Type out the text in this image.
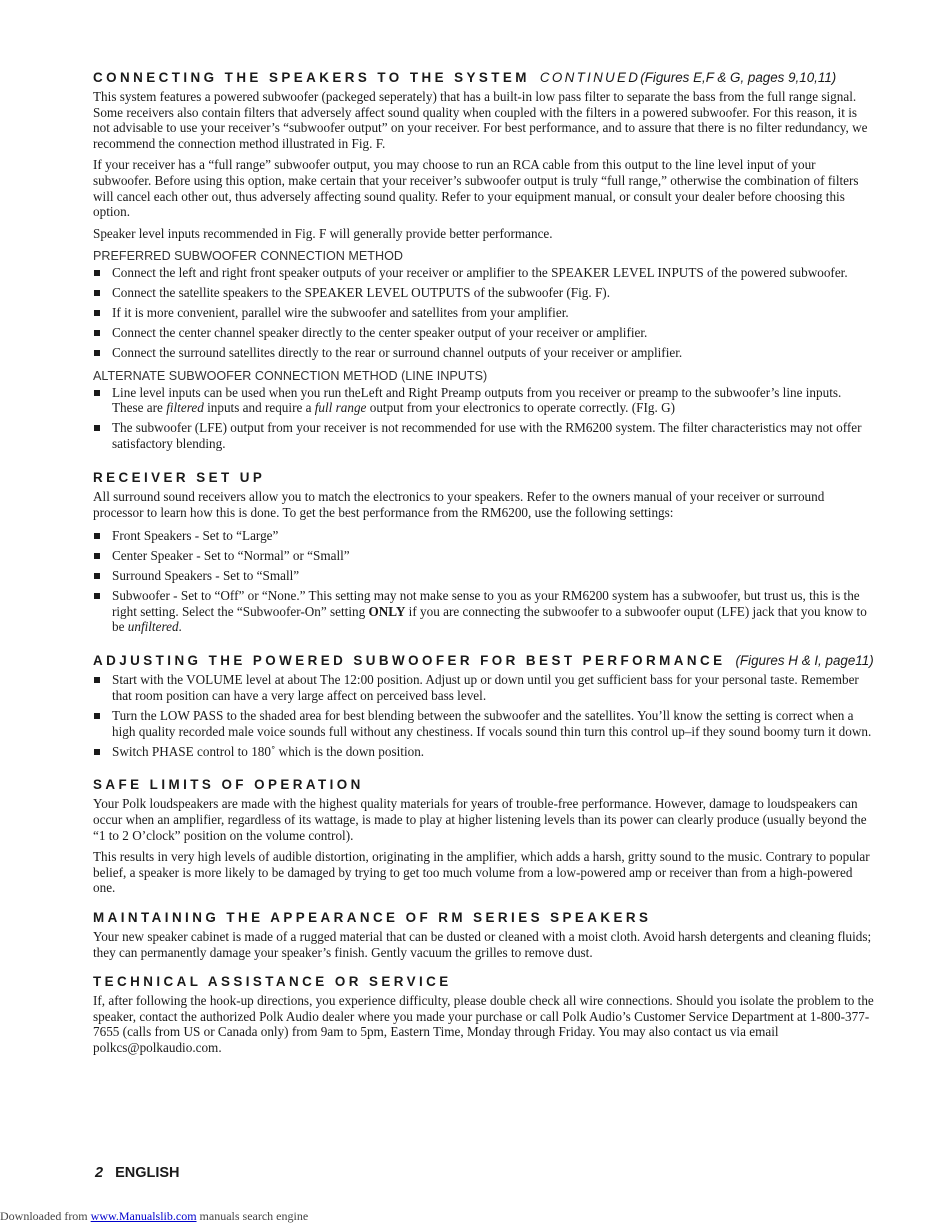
CONNECTING THE SPEAKERS TO THE SYSTEM CONTINUED(Figures E,F & G, pages 9,10,11)

This system features a powered subwoofer (packeged seperately) that has a built-in low pass filter to separate the bass from the full range signal. Some receivers also contain filters that adversely affect sound quality when coupled with the filters in a powered subwoofer. For this reason, it is not advisable to use your receiver’s “subwoofer output” on your receiver. For best performance, and to assure that there is no filter redundancy, we recommend the connection method illustrated in Fig. F.

If your receiver has a “full range” subwoofer output, you may choose to run an RCA cable from this output to the line level input of your subwoofer. Before using this option, make certain that your receiver’s subwoofer output is truly “full range,” otherwise the combination of filters will cancel each other out, thus adversely affecting sound quality. Refer to your equipment manual, or consult your dealer before choosing this option.

Speaker level inputs recommended in Fig. F will generally provide better performance.

PREFERRED SUBWOOFER CONNECTION METHOD
Connect the left and right front speaker outputs of your receiver or amplifier to the SPEAKER LEVEL INPUTS of the powered subwoofer.
Connect the satellite speakers to the SPEAKER LEVEL OUTPUTS of the subwoofer (Fig. F).
If it is more convenient, parallel wire the subwoofer and satellites from your amplifier.
Connect the center channel speaker directly to the center speaker output of your receiver or amplifier.
Connect the surround satellites directly to the rear or surround channel outputs of your receiver or amplifier.
ALTERNATE SUBWOOFER CONNECTION METHOD (LINE INPUTS)
Line level inputs can be used when you run theLeft and Right Preamp outputs from you receiver or preamp to the subwoofer’s line inputs. These are filtered inputs and require a full range output from your electronics to operate correctly. (FIg. G)
The subwoofer (LFE) output from your receiver is not recommended for use with the RM6200 system. The filter characteristics may not offer satisfactory blending.
RECEIVER SET UP

All surround sound receivers allow you to match the electronics to your speakers. Refer to the owners manual of your receiver or surround processor to learn how this is done. To get the best performance from the RM6200, use the following settings:

Front Speakers - Set to “Large”
Center Speaker - Set to “Normal” or “Small”
Surround Speakers - Set to “Small”
Subwoofer - Set to “Off” or “None.” This setting may not make sense to you as your RM6200 system has a subwoofer, but trust us, this is the right setting. Select the “Subwoofer-On” setting ONLY if you are connecting the subwoofer to a subwoofer ouput (LFE) jack that you know to be unfiltered.
ADJUSTING THE POWERED SUBWOOFER FOR BEST PERFORMANCE (Figures H & I, page11)
Start with the VOLUME level at about The 12:00 position. Adjust up or down until you get sufficient bass for your personal taste. Remember that room position can have a very large affect on perceived bass level.
Turn the LOW PASS to the shaded area for best blending between the subwoofer and the satellites. You’ll know the setting is correct when a high quality recorded male voice sounds full without any chestiness. If vocals sound thin turn this control up–if they sound boomy turn it down.
Switch PHASE control to 180˚ which is the down position.
SAFE LIMITS OF OPERATION

Your Polk loudspeakers are made with the highest quality materials for years of trouble-free performance. However, damage to loudspeakers can occur when an amplifier, regardless of its wattage, is made to play at higher listening levels than its power can clearly produce (usually beyond the “1 to 2 O’clock” position on the volume control).

This results in very high levels of audible distortion, originating in the amplifier, which adds a harsh, gritty sound to the music. Contrary to popular belief, a speaker is more likely to be damaged by trying to get too much volume from a low-powered amp or receiver than from a high-powered one.

MAINTAINING THE APPEARANCE OF RM SERIES SPEAKERS

Your new speaker cabinet is made of a rugged material that can be dusted or cleaned with a moist cloth. Avoid harsh detergents and cleaning fluids; they can permanently damage your speaker’s finish. Gently vacuum the grilles to remove dust.

TECHNICAL ASSISTANCE OR SERVICE

If, after following the hook-up directions, you experience difficulty, please double check all wire connections. Should you isolate the problem to the speaker, contact the authorized Polk Audio dealer where you made your purchase or call Polk Audio’s Customer Service Department at 1-800-377-7655 (calls from US or Canada only) from 9am to 5pm, Eastern Time, Monday through Friday. You may also contact us via email polkcs@polkaudio.com.

2 ENGLISH
Downloaded from www.Manualslib.com manuals search engine
